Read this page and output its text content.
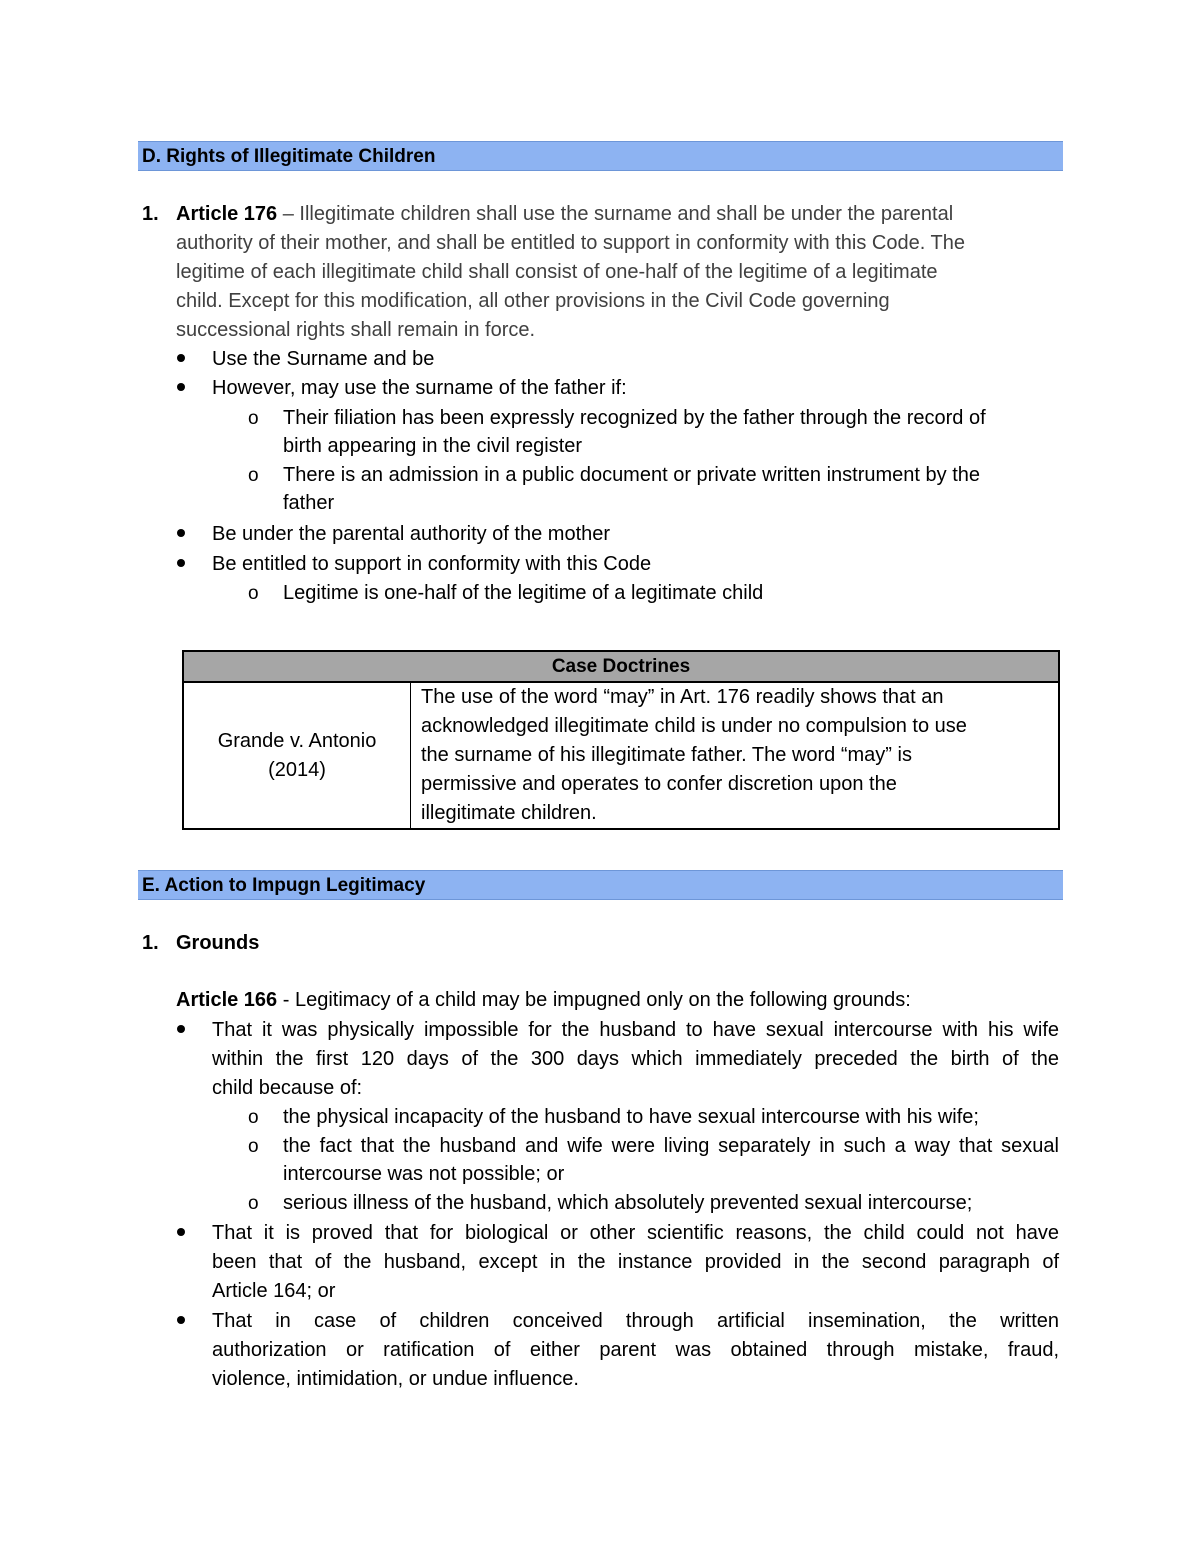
D. Rights of Illegitimate Children
1. Article 176 – Illegitimate children shall use the surname and shall be under the parental
authority of their mother, and shall be entitled to support in conformity with this Code. The
legitime of each illegitimate child shall consist of one-half of the legitime of a legitimate
child. Except for this modification, all other provisions in the Civil Code governing
successional rights shall remain in force.
Use the Surname and be
However, may use the surname of the father if:
o Their filiation has been expressly recognized by the father through the record of
birth appearing in the civil register
o There is an admission in a public document or private written instrument by the
father
Be under the parental authority of the mother
Be entitled to support in conformity with this Code
o Legitime is one-half of the legitime of a legitimate child
Case Doctrines

Grande v. Antonio
(2014)

The use of the word “may” in Art. 176 readily shows that an
acknowledged illegitimate child is under no compulsion to use
the surname of his illegitimate father. The word “may” is
permissive and operates to confer discretion upon the
illegitimate children.
E. Action to Impugn Legitimacy
1. Grounds
Article 166 - Legitimacy of a child may be impugned only on the following grounds:
That it was physically impossible for the husband to have sexual intercourse with his wife
within the first 120 days of the 300 days which immediately preceded the birth of the
child because of:
o the physical incapacity of the husband to have sexual intercourse with his wife;
o the fact that the husband and wife were living separately in such a way that sexual
intercourse was not possible; or
o serious illness of the husband, which absolutely prevented sexual intercourse;
That it is proved that for biological or other scientific reasons, the child could not have
been that of the husband, except in the instance provided in the second paragraph of
Article 164; or
That in case of children conceived through artificial insemination, the written
authorization or ratification of either parent was obtained through mistake, fraud,
violence, intimidation, or undue influence.
